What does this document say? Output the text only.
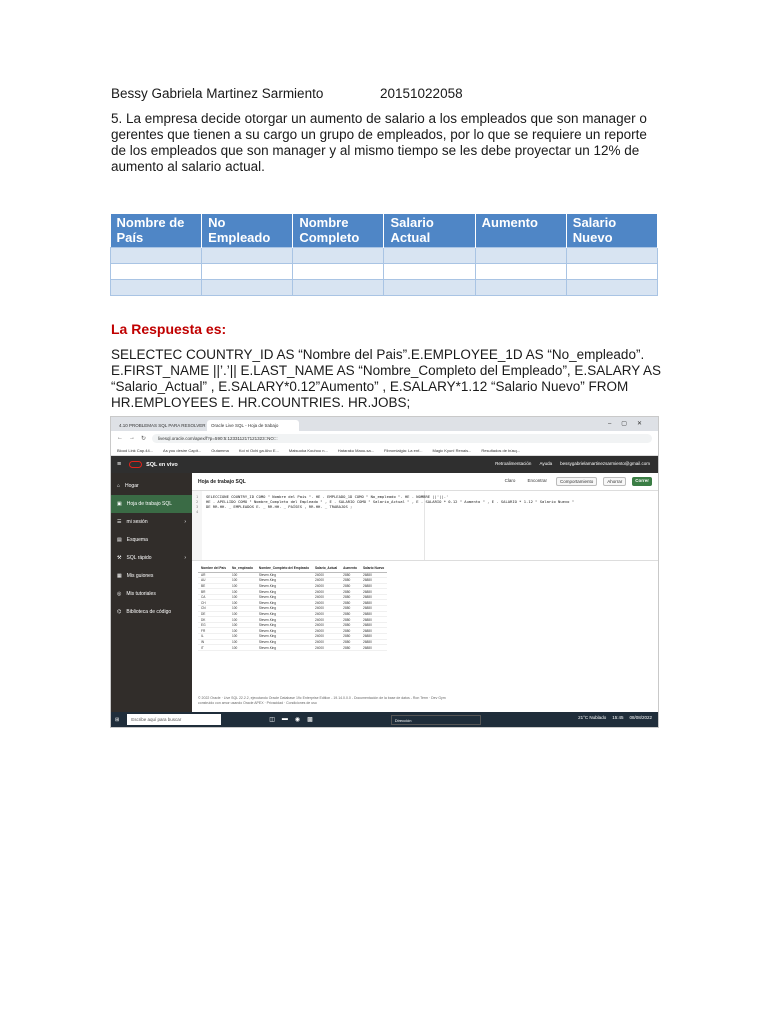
Bessy Gabriela Martinez Sarmiento	20151022058

5. La empresa decide otorgar un aumento de salario a los empleados que son manager o gerentes que tienen a su cargo un grupo de empleados, por lo que se requiere un reporte de los empleados que son manager y al mismo tiempo se les debe proyectar un 12% de aumento al salario actual.

Nombre de País	No Empleado	Nombre Completo	Salario Actual	Aumento	Salario Nuevo

La Respuesta es:

SELECTEC COUNTRY_ID AS “Nombre del Pais”.E.EMPLOYEE_1D AS “No_empleado”. E.FIRST_NAME ||’.’|| E.LAST_NAME AS “Nombre_Completo del Empleado”, E.SALARY AS “Salario_Actual” , E.SALARY*0.12”Aumento” , E.SALARY*1.12 “Salario Nuevo” FROM HR.EMPLOYEES E. HR.COUNTRIES. HR.JOBS;

4.10 PROBLEMAS SQL PARA RESOLVER	Oracle Live SQL - Hoja de trabajo	–▢✕
← → ↻	livesql.oracle.com/apex/f?p=590:5:123311217121323::NO:::
Blood Link Cap.44...	As you desire Capít...	Outamma	Koi ni Ochi ga Aho E...	Matsuoka Kouhou n...	Hataraku Maou-sa...	Fibromialgia: La enf...	Magic Kyun! Renais...	Resultados de búsq...
≡	SQL en vivo	Retroalimentación Ayuda bessygabrielamartinezsarmiento@gmail.com
⌂ Hogar
▣ Hoja de trabajo SQL
☰ mi sesión	›
▤ Esquema
⚒ SQL rápido	›
▦ Mis guiones
◎ Mis tutoriales
⌬ Biblioteca de código
Hoja de trabajo SQL	Claro	Encontrar	Comportamiento	Ahorrar	Correr
1 SELECCIONE COUNTRY_ID COMO " Nombre del País ". HE . EMPLEADO_1D COMO " No_empleado ". HE . NOMBRE ||'||.'
2 HE . APELLIDO COMO " Nombre_Completo del Empleado " , E . SALARIO COMO " Salario_Actual " , E . SALARIO * 0.12 " Aumento " , E . SALARIO * 1.12 " Salario Nuevo "
3 DE RR.HH. _ EMPLEADOS E. _ RR.HH. _ PAÍSES , RR.HH. _ TRABAJOS ;
4
Nombre del País	No_empleado	Nombre_Completo del Empleado	Salario_Actual	Aumento	Salario Nuevo
AR	100	Steven.King	24000	2880	26880
AU	100	Steven.King	24000	2880	26880
BE	100	Steven.King	24000	2880	26880
BR	100	Steven.King	24000	2880	26880
CA	100	Steven.King	24000	2880	26880
CH	100	Steven.King	24000	2880	26880
CN	100	Steven.King	24000	2880	26880
DE	100	Steven.King	24000	2880	26880
DK	100	Steven.King	24000	2880	26880
EG	100	Steven.King	24000	2880	26880
FR	100	Steven.King	24000	2880	26880
IL	100	Steven.King	24000	2880	26880
IN	100	Steven.King	24000	2880	26880
IT	100	Steven.King	24000	2880	26880
© 2022 Oracle · Live SQL 22.2.2, ejecutando Oracle Database 19c Enterprise Edition - 19.14.0.0.0 - Documentación de la base de datos - Ron Term · Dev Gym
construido con amor usando Oracle APEX · Privacidad · Condiciones de uso
⊞	Escribe aquí para buscar	◫ ▬ ◉ ▩	Dirección	21°C Nublado 15:45 08/08/2022
